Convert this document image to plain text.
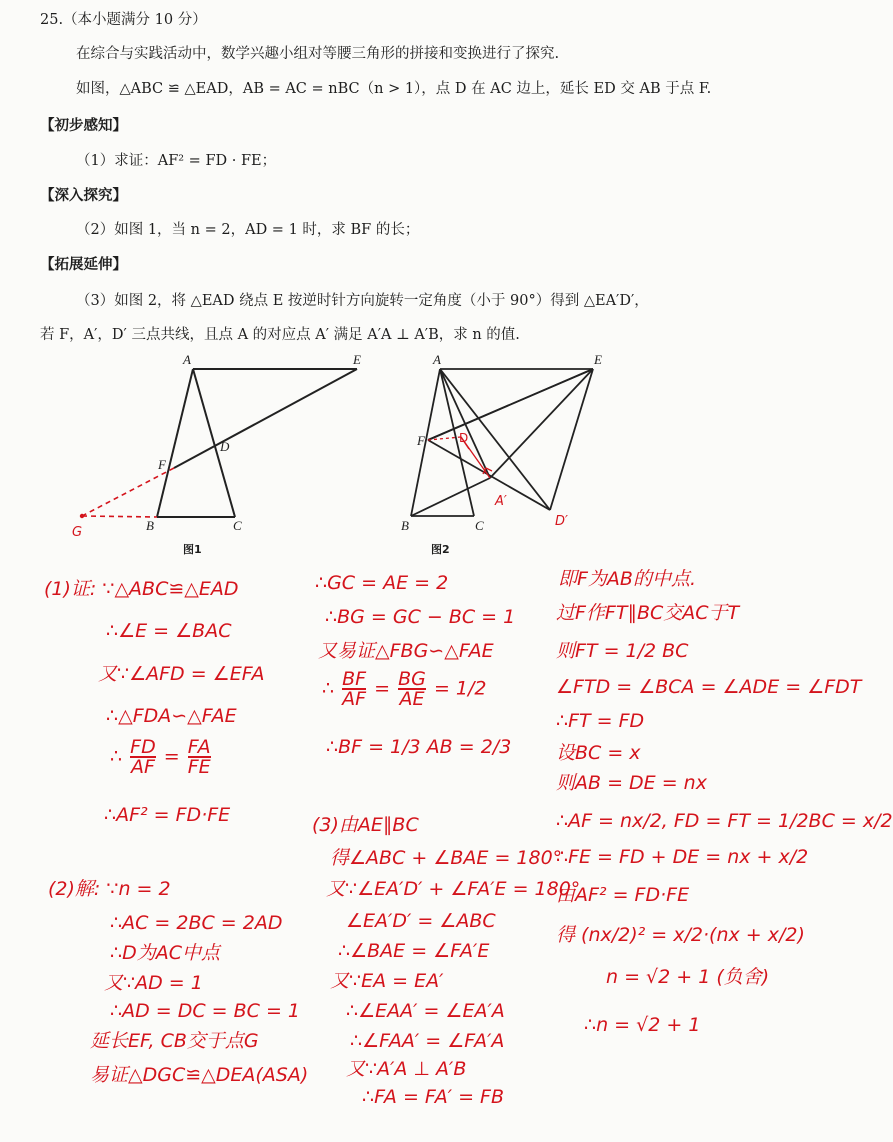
25.（本小题满分 10 分）
在综合与实践活动中，数学兴趣小组对等腰三角形的拼接和变换进行了探究.
如图，△ABC ≌ △EAD，AB = AC = nBC（n > 1），点 D 在 AC 边上，延长 ED 交 AB 于点 F.
【初步感知】
（1）求证：AF² = FD · FE；
【深入探究】
（2）如图 1，当 n = 2，AD = 1 时，求 BF 的长；
【拓展延伸】
（3）如图 2，将 △EAD 绕点 E 按逆时针方向旋转一定角度（小于 90°）得到 △EA′D′，
若 F，A′，D′ 三点共线，且点 A 的对应点 A′ 满足 A′A ⊥ A′B，求 n 的值.
A	E
D
F
B	C
G
图1
A	E
F
B	C
D
A′
D′
图2
(1)证: ∵△ABC≌△EAD
∴∠E = ∠BAC
又∵∠AFD = ∠EFA
∴△FDA∽△FAE
∴ $\frac{FD}{AF} = \frac{FA}{FE}$
∴AF² = FD·FE
(2)解: ∵n = 2
∴AC = 2BC = 2AD
∴D为AC中点
又∵AD = 1
∴AD = DC = BC = 1
延长EF, CB交于点G
易证△DGC≌△DEA(ASA)
∴GC = AE = 2
∴BG = GC − BC = 1
又易证△FBG∽△FAE
∴ $\frac{BF}{AF} = \frac{BG}{AE} = 1/2$
∴BF = 1/3 AB = 2/3
(3)由AE∥BC
得∠ABC + ∠BAE = 180°
又∵∠EA′D′ + ∠FA′E = 180°
∠EA′D′ = ∠ABC
∴∠BAE = ∠FA′E
又∵EA = EA′
∴∠EAA′ = ∠EA′A
∴∠FAA′ = ∠FA′A
又∵A′A ⊥ A′B
∴FA = FA′ = FB
即F为AB的中点.
过F作FT∥BC交AC于T
则FT = 1/2 BC
∠FTD = ∠BCA = ∠ADE = ∠FDT
∴FT = FD
设BC = x
则AB = DE = nx
∴AF = nx/2, FD = FT = 1/2BC = x/2
∴FE = FD + DE = nx + x/2
由AF² = FD·FE
得 (nx/2)² = x/2·(nx + x/2)
n = √2 + 1 (负舍)
∴n = √2 + 1
